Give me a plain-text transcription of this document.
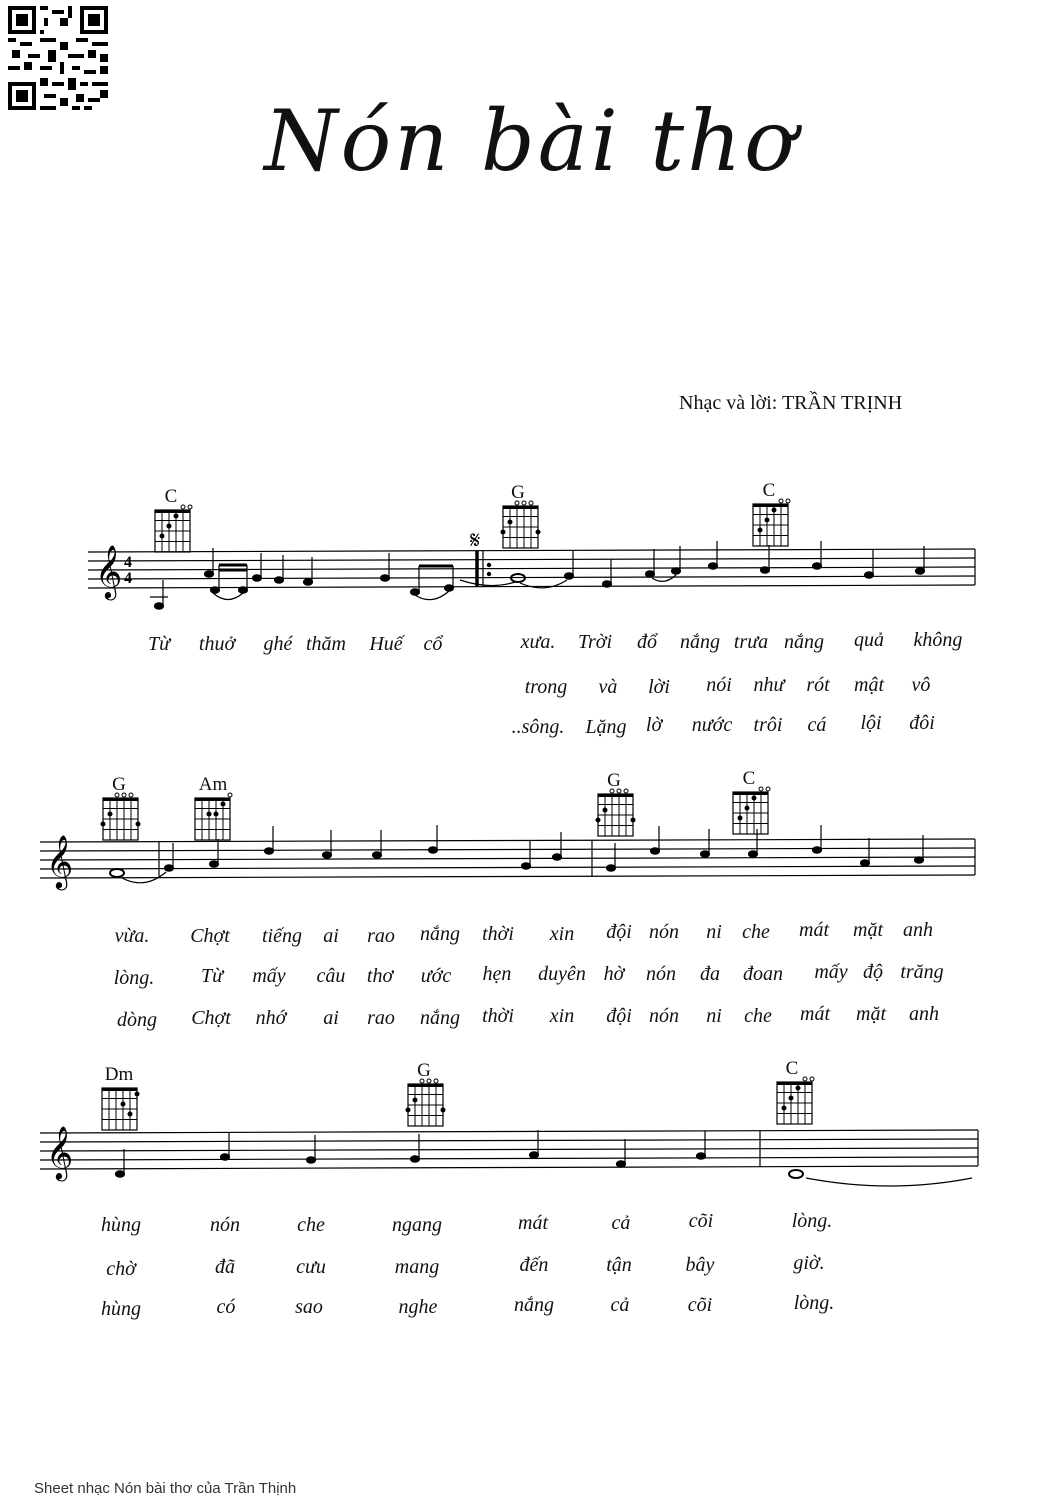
Nón bài thơ
Nhạc và lời: TRẦN TRỊNH
C	G	C
G	Am	G	C
Dm	G	C
𝄞 4
4
𝄋
𝄞
𝄞
Từ thuở ghé thăm Huế cổ	xưa. Trời đổ nắng trưa nắng quả không
trong và lời nói như rót mật vô
..sông. Lặng lờ nước trôi cá lội đôi
vừa. Chợt tiếng ai rao nắng thời xin đội nón ni che mát mặt anh
lòng. Từ mấy câu thơ ước hẹn duyên hờ nón đa đoan mấy độ trăng
dòng Chợt nhớ ai rao nắng thời xin đội nón ni che mát mặt anh
hùng	nón	che	ngang	mát	cả	cõi	lòng.
chờ	đã	cưu	mang	đến	tận	bây	giờ.
hùng	có	sao	nghe	nắng	cả	cõi	lòng.
Sheet nhạc Nón bài thơ của Trần Thịnh
